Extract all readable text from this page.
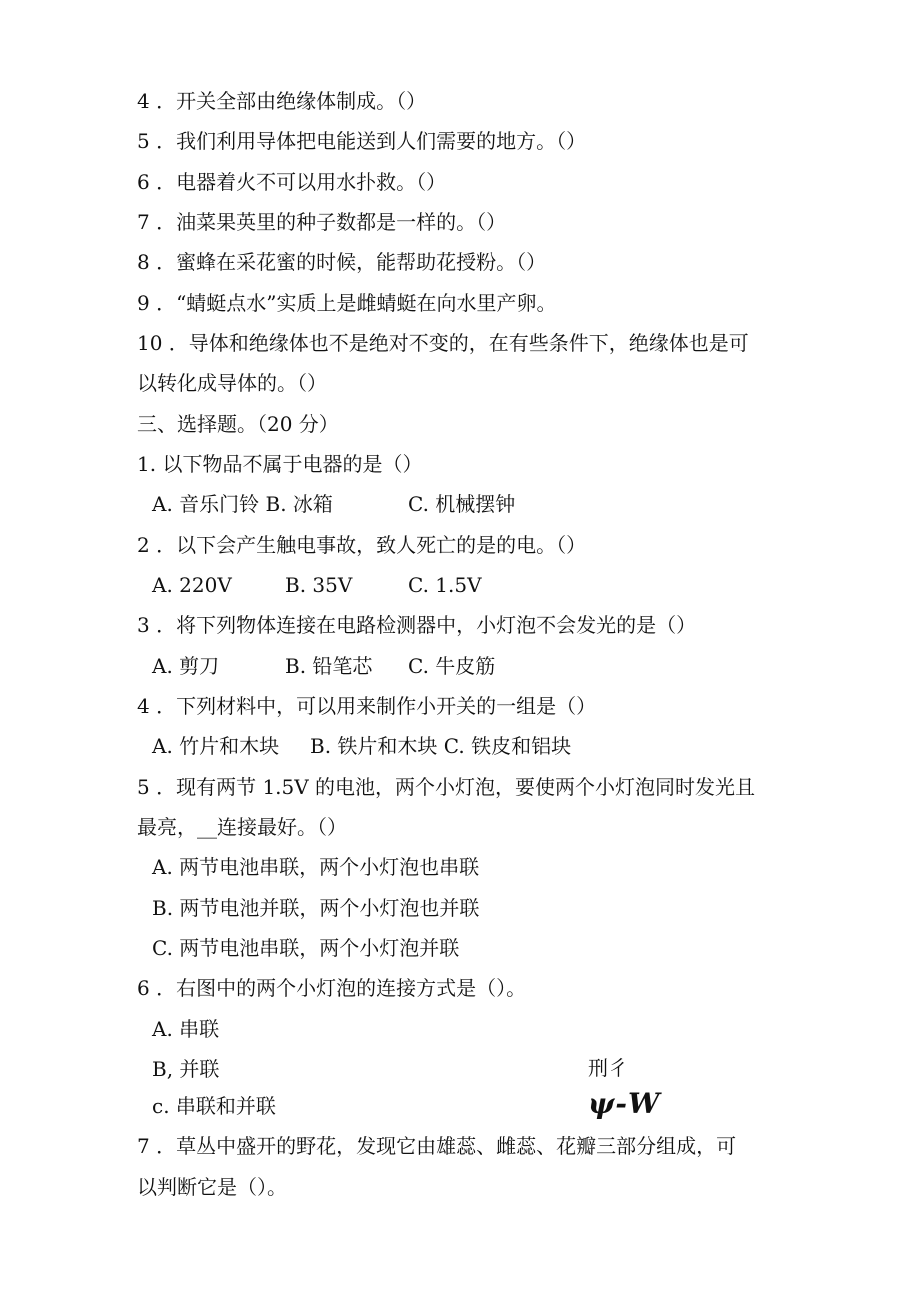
4 ．开关全部由绝缘体制成。（）
5 ．我们利用导体把电能送到人们需要的地方。（）
6 ．电器着火不可以用水扑救。（）
7 ．油菜果英里的种子数都是一样的。（）
8 ．蜜蜂在采花蜜的时候，能帮助花授粉。（）
9 ．“蜻蜓点水”实质上是雌蜻蜓在向水里产卵。
10 ．导体和绝缘体也不是绝对不变的，在有些条件下，绝缘体也是可
以转化成导体的。（）
三、选择题。（20 分）
1. 以下物品不属于电器的是（）
A. 音乐门铃 B. 冰箱	C. 机械摆钟
2 ．以下会产生触电事故，致人死亡的是的电。（）
A. 220V	B. 35V	C. 1.5V
3 ．将下列物体连接在电路检测器中，小灯泡不会发光的是（）
A. 剪刀	B. 铅笔芯 C. 牛皮筋
4 ．下列材料中，可以用来制作小开关的一组是（）
A. 竹片和木块 B. 铁片和木块 C. 铁皮和铝块
5 ．现有两节 1.5V 的电池，两个小灯泡，要使两个小灯泡同时发光且
最亮，__连接最好。（）
A. 两节电池串联，两个小灯泡也串联
B. 两节电池并联，两个小灯泡也并联
C. 两节电池串联，两个小灯泡并联
6 ．右图中的两个小灯泡的连接方式是（）。
A. 串联
B, 并联
c. 串联和并联
刑彳
ψ-W
7 ．草丛中盛开的野花，发现它由雄蕊、雌蕊、花瓣三部分组成，可
以判断它是（）。
